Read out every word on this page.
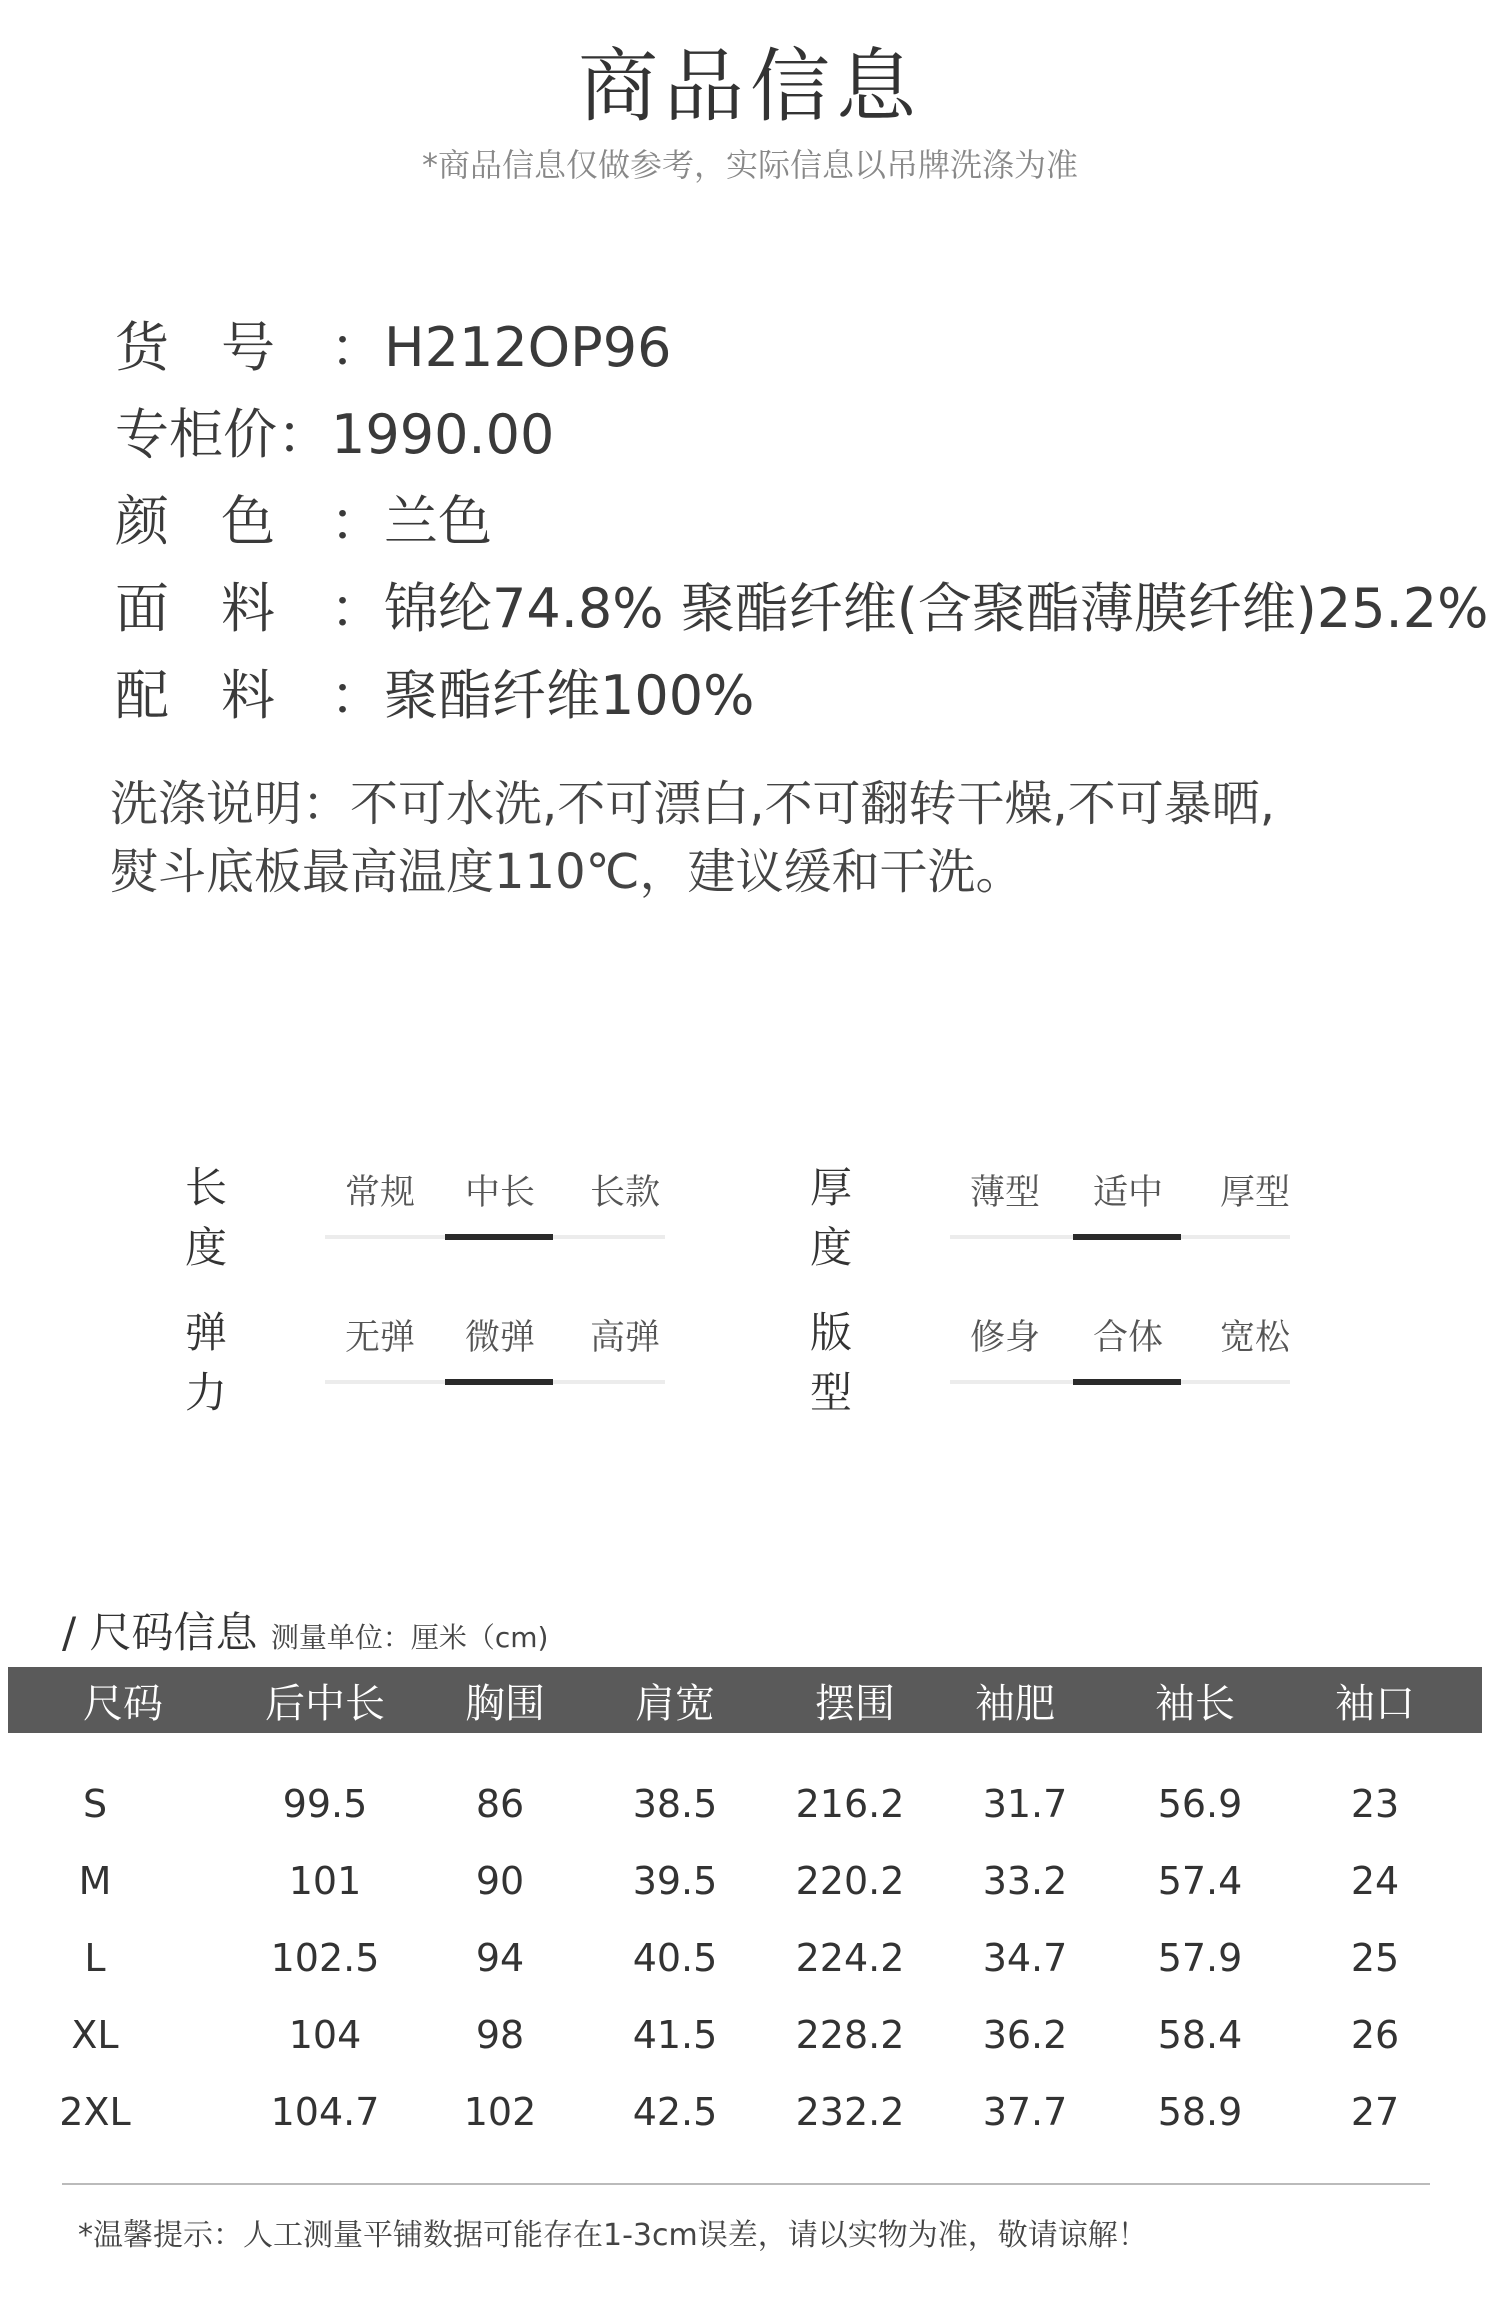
商品信息
*商品信息仅做参考，实际信息以吊牌洗涤为准
货号：H212OP96
专柜价：1990.00
颜色：兰色
面料：锦纶74.8% 聚酯纤维(含聚酯薄膜纤维)25.2%
配料：聚酯纤维100%
洗涤说明：不可水洗,不可漂白,不可翻转干燥,不可暴晒,
熨斗底板最高温度110℃，建议缓和干洗。
长度
常规	中长	长款	厚度
薄型	适中	厚型
弹力
无弹	微弹	高弹	版型
修身	合体	宽松
/ 尺码信息 测量单位：厘米（cm)
尺码	后中长	胸围	肩宽	摆围	袖肥	袖长	袖口
S	99.5	86	38.5	216.2	31.7	56.9	23
M	101	90	39.5	220.2	33.2	57.4	24
L	102.5	94	40.5	224.2	34.7	57.9	25
XL	104	98	41.5	228.2	36.2	58.4	26
2XL	104.7	102	42.5	232.2	37.7	58.9	27
*温馨提示：人工测量平铺数据可能存在1-3cm误差，请以实物为准，敬请谅解！
